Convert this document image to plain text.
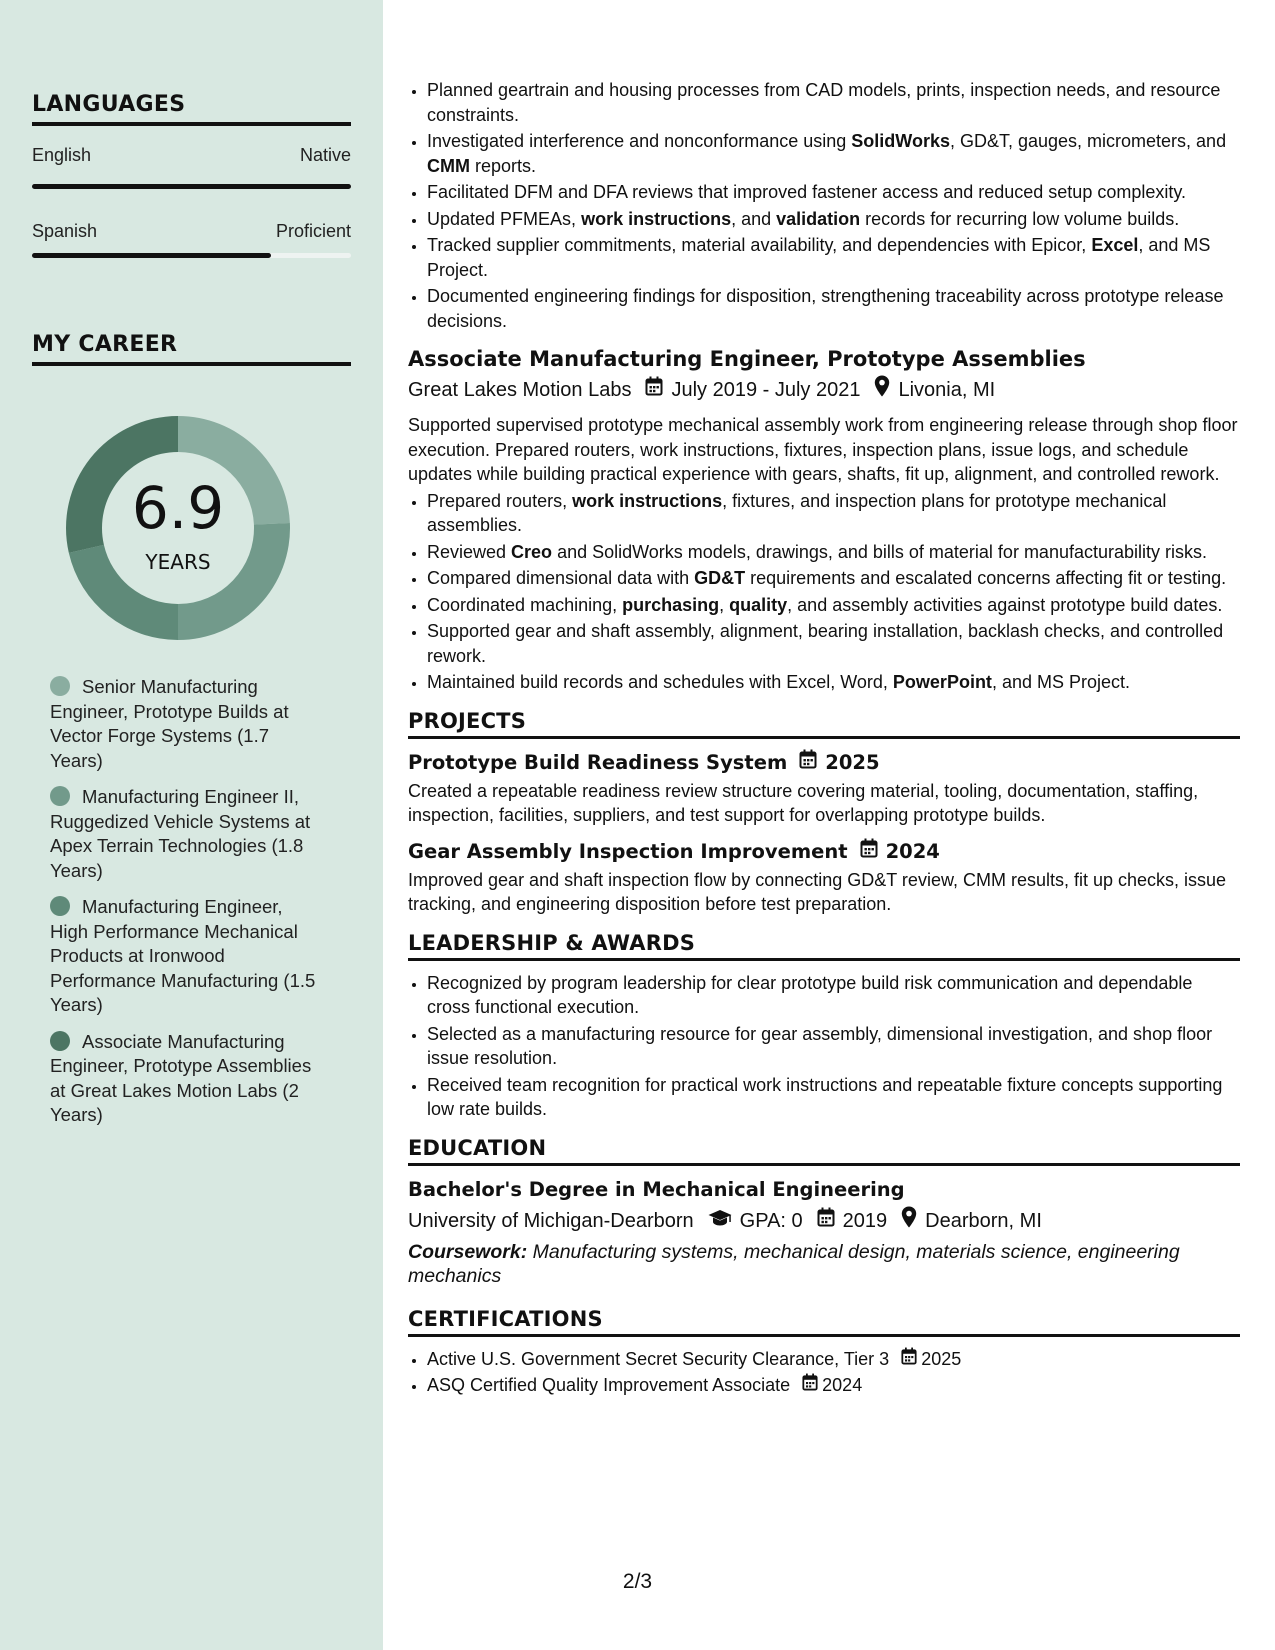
LANGUAGES
English	Native
Spanish	Proficient
MY CAREER
6.9
YEARS
Senior Manufacturing Engineer, Prototype Builds at Vector Forge Systems (1.7 Years)
Manufacturing Engineer II, Ruggedized Vehicle Systems at Apex Terrain Technologies (1.8 Years)
Manufacturing Engineer, High Performance Mechanical Products at Ironwood Performance Manufacturing (1.5 Years)
Associate Manufacturing Engineer, Prototype Assemblies at Great Lakes Motion Labs (2 Years)
• Planned geartrain and housing processes from CAD models, prints, inspection needs, and resource constraints.
• Investigated interference and nonconformance using SolidWorks, GD&T, gauges, micrometers, and CMM reports.
• Facilitated DFM and DFA reviews that improved fastener access and reduced setup complexity.
• Updated PFMEAs, work instructions, and validation records for recurring low volume builds.
• Tracked supplier commitments, material availability, and dependencies with Epicor, Excel, and MS Project.
• Documented engineering findings for disposition, strengthening traceability across prototype release decisions.
Associate Manufacturing Engineer, Prototype Assemblies
Great Lakes Motion Labs July 2019 - July 2021 Livonia, MI
Supported supervised prototype mechanical assembly work from engineering release through shop floor execution. Prepared routers, work instructions, fixtures, inspection plans, issue logs, and schedule updates while building practical experience with gears, shafts, fit up, alignment, and controlled rework.
• Prepared routers, work instructions, fixtures, and inspection plans for prototype mechanical assemblies.
• Reviewed Creo and SolidWorks models, drawings, and bills of material for manufacturability risks.
• Compared dimensional data with GD&T requirements and escalated concerns affecting fit or testing.
• Coordinated machining, purchasing, quality, and assembly activities against prototype build dates.
• Supported gear and shaft assembly, alignment, bearing installation, backlash checks, and controlled rework.
• Maintained build records and schedules with Excel, Word, PowerPoint, and MS Project.
PROJECTS
Prototype Build Readiness System 2025
Created a repeatable readiness review structure covering material, tooling, documentation, staffing, inspection, facilities, suppliers, and test support for overlapping prototype builds.
Gear Assembly Inspection Improvement 2024
Improved gear and shaft inspection flow by connecting GD&T review, CMM results, fit up checks, issue tracking, and engineering disposition before test preparation.
LEADERSHIP & AWARDS
• Recognized by program leadership for clear prototype build risk communication and dependable cross functional execution.
• Selected as a manufacturing resource for gear assembly, dimensional investigation, and shop floor issue resolution.
• Received team recognition for practical work instructions and repeatable fixture concepts supporting low rate builds.
EDUCATION
Bachelor's Degree in Mechanical Engineering
University of Michigan-Dearborn GPA: 0 2019 Dearborn, MI
Coursework: Manufacturing systems, mechanical design, materials science, engineering mechanics
CERTIFICATIONS
• Active U.S. Government Secret Security Clearance, Tier 3 2025
• ASQ Certified Quality Improvement Associate 2024
2/3
